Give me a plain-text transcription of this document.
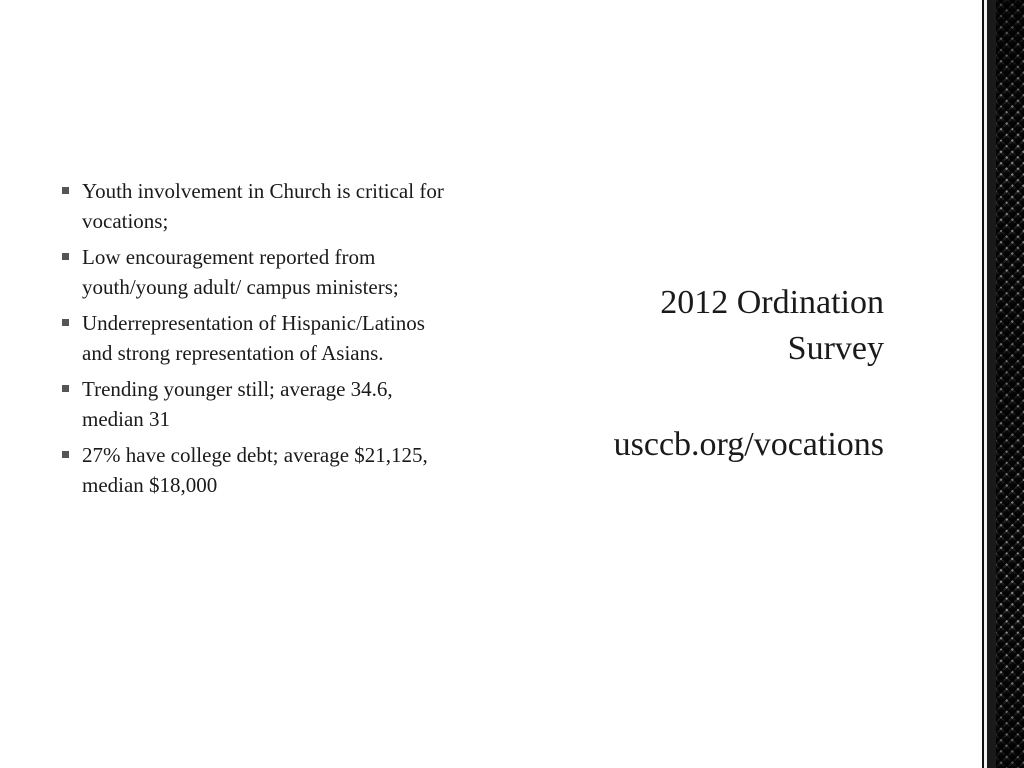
Youth involvement in Church is critical for vocations;
Low encouragement reported from youth/young adult/ campus ministers;
Underrepresentation of Hispanic/Latinos and strong representation of Asians.
Trending younger still; average 34.6, median 31
27% have college debt; average $21,125, median $18,000
2012 Ordination
Survey
usccb.org/vocations
